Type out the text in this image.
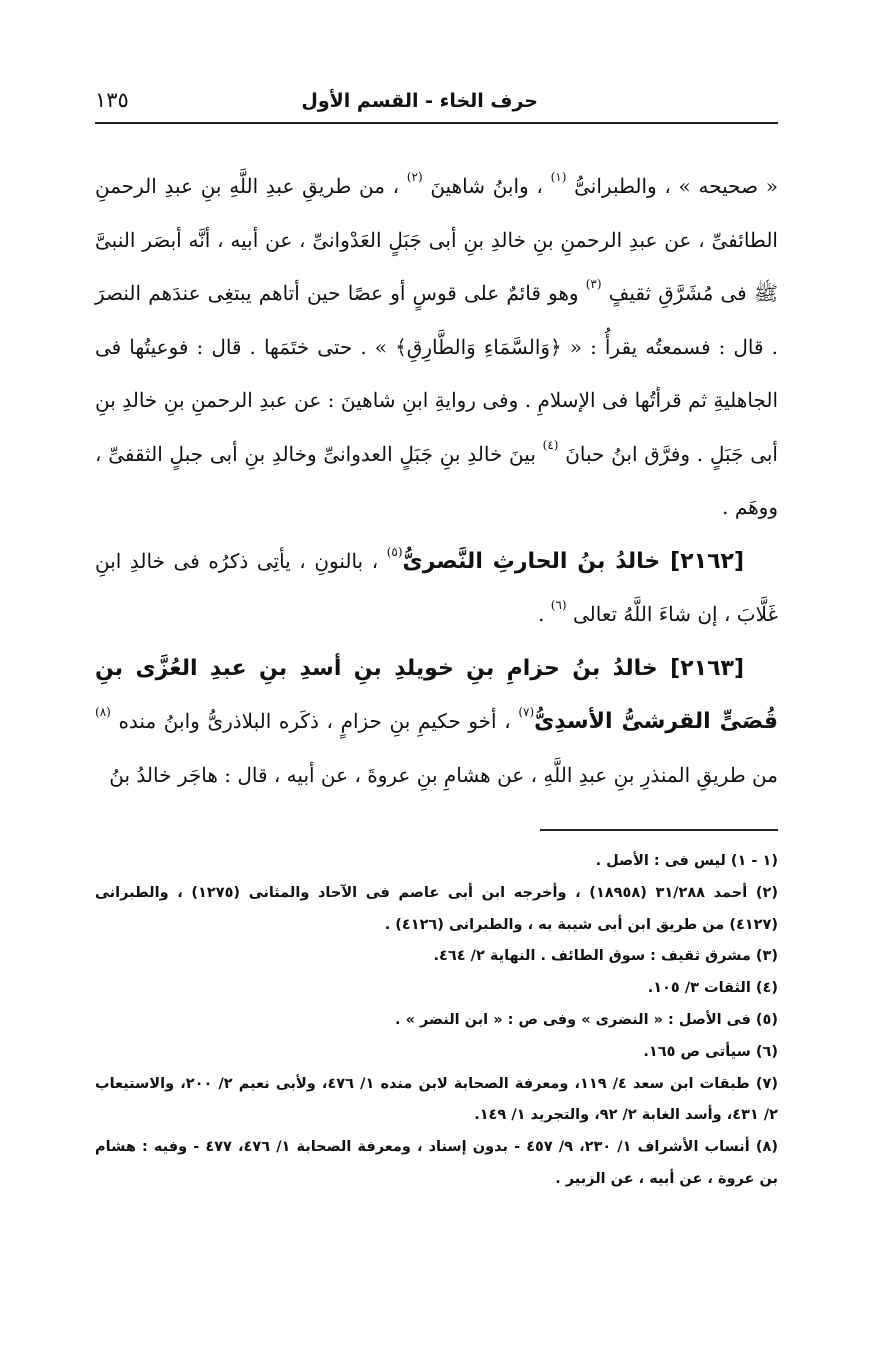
حرف الخاء - القسم الأول
١٣٥

« صحيحه » ، والطبرانىُّ $^{(١)}$ ، وابنُ شاهينَ $^{(٢)}$ ، من طريقِ عبدِ اللَّهِ بنِ عبدِ الرحمنِ الطائفىِّ ، عن عبدِ الرحمنِ بنِ خالدِ بنِ أبى جَبَلٍ العَدْوانىِّ ، عن أبيه ، أنَّه أبصَر النبىَّ ﷺ فى مُشَرَّقِ ثقيفٍ $^{(٣)}$ وهو قائمٌ على قوسٍ أو عصًا حين أتاهم يبتغِى عندَهم النصرَ . قال : فسمعتُه يقرأُ : « ﴿وَالسَّمَاءِ وَالطَّارِقِ﴾ » . حتى ختَمَها . قال : فوعيتُها فى الجاهليةِ ثم قرأتُها فى الإسلامِ . وفى روايةِ ابنِ شاهينَ : عن عبدِ الرحمنِ بنِ خالدِ بنِ أبى جَبَلٍ . وفرَّق ابنُ حبانَ $^{(٤)}$ بينَ خالدِ بنِ جَبَلٍ العدوانىِّ وخالدِ بنِ أبى جبلٍ الثقفىِّ ، ووهَم .

[٢١٦٢] خالدُ بنُ الحارثِ النَّصرىُّ$^{(٥)}$ ، بالنونِ ، يأتِى ذكرُه فى خالدِ ابنِ غَلَّابَ ، إن شاءَ اللَّهُ تعالى $^{(٦)}$ .

[٢١٦٣] خالدُ بنُ حزامِ بنِ خويلدِ بنِ أسدِ بنِ عبدِ العُزَّى بنِ قُصَىٍّ القرشىُّ الأسدِىُّ$^{(٧)}$ ، أخو حكيمِ بنِ حزامٍ ، ذكَره البلاذرىُّ وابنُ منده $^{(٨)}$ من طريقِ المنذرِ بنِ عبدِ اللَّهِ ، عن هشامِ بنِ عروةَ ، عن أبيه ، قال : هاجَر خالدُ بنُ

(١ - ١) ليس فى : الأصل .

(٢) أحمد ٣١/٢٨٨ (١٨٩٥٨) ، وأخرجه ابن أبى عاصم فى الآحاد والمثانى (١٢٧٥) ، والطبرانى (٤١٢٧) من طريق ابن أبى شيبة به ، والطبرانى (٤١٢٦) .

(٣) مشرق ثقيف : سوق الطائف . النهاية ٢/ ٤٦٤.

(٤) الثقات ٣/ ١٠٥.

(٥) فى الأصل : « النضرى » وفى ص : « ابن النضر » .

(٦) سيأتى ص ١٦٥.

(٧) طبقات ابن سعد ٤/ ١١٩، ومعرفة الصحابة لابن منده ١/ ٤٧٦، ولأبى نعيم ٢/ ٢٠٠، والاستيعاب ٢/ ٤٣١، وأسد الغابة ٢/ ٩٢، والتجريد ١/ ١٤٩.

(٨) أنساب الأشراف ١/ ٢٣٠، ٩/ ٤٥٧ - بدون إسناد ، ومعرفة الصحابة ١/ ٤٧٦، ٤٧٧ - وفيه : هشام بن عروة ، عن أبيه ، عن الزبير .
